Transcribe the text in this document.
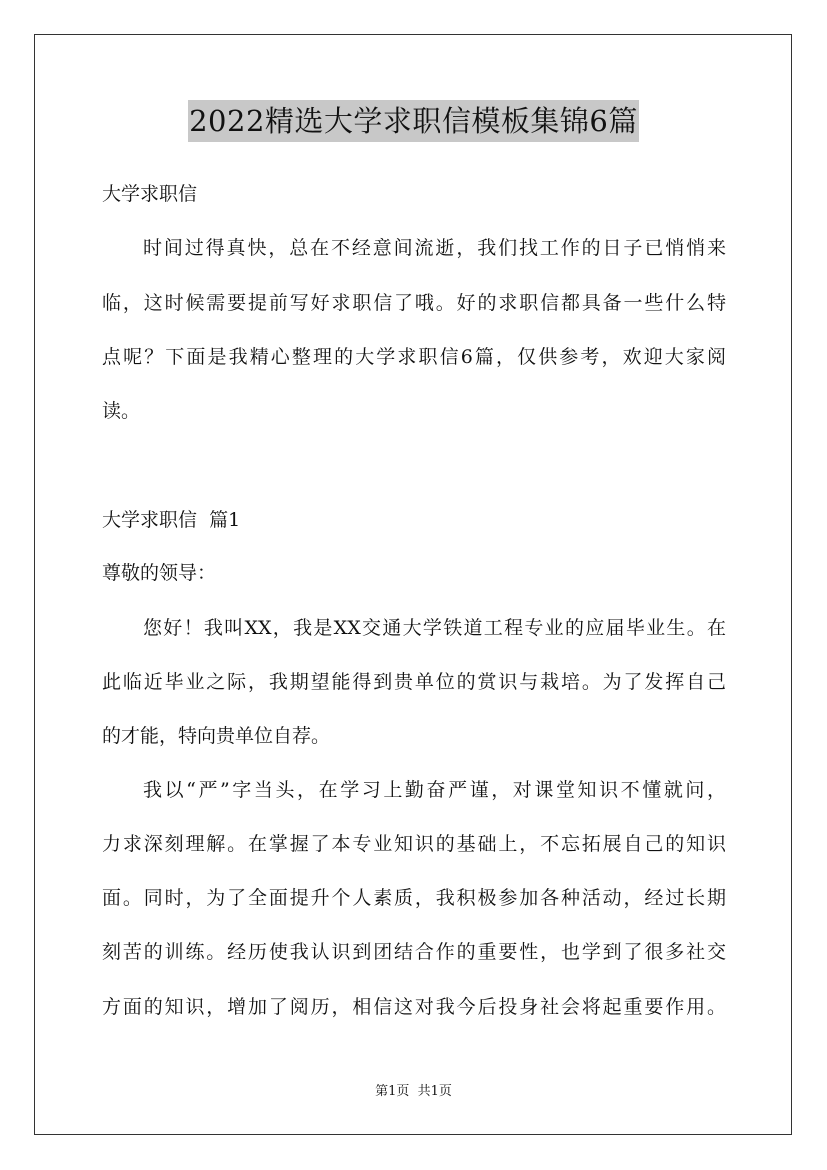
2022精选大学求职信模板集锦6篇
大学求职信
时间过得真快，总在不经意间流逝，我们找工作的日子已悄悄来
临，这时候需要提前写好求职信了哦。好的求职信都具备一些什么特
点呢？下面是我精心整理的大学求职信6篇，仅供参考，欢迎大家阅
读。
大学求职信  篇1
尊敬的领导：
您好！我叫XX，我是XX交通大学铁道工程专业的应届毕业生。在
此临近毕业之际，我期望能得到贵单位的赏识与栽培。为了发挥自己
的才能，特向贵单位自荐。
我以“严”字当头，在学习上勤奋严谨，对课堂知识不懂就问，
力求深刻理解。在掌握了本专业知识的基础上，不忘拓展自己的知识
面。同时，为了全面提升个人素质，我积极参加各种活动，经过长期
刻苦的训练。经历使我认识到团结合作的重要性，也学到了很多社交
方面的知识，增加了阅历，相信这对我今后投身社会将起重要作用。
第1页  共1页
